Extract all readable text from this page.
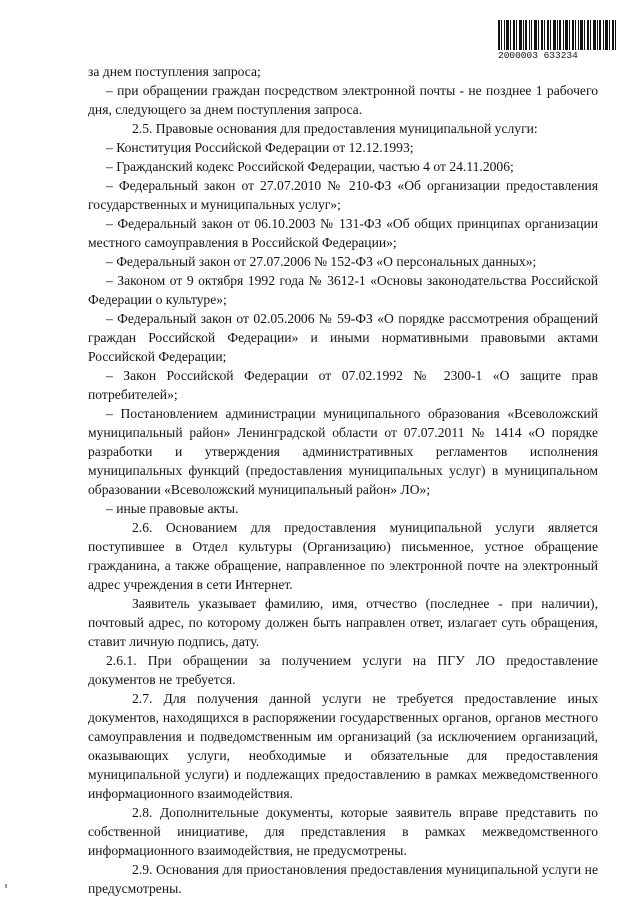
2000003 633234

за днем поступления запроса;

– при обращении граждан посредством электронной почты - не позднее 1 рабочего дня, следующего за днем поступления запроса.

2.5. Правовые основания для предоставления муниципальной услуги:

– Конституция Российской Федерации от 12.12.1993;

– Гражданский кодекс Российской Федерации, частью 4 от 24.11.2006;

– Федеральный закон от 27.07.2010 № 210-ФЗ «Об организации предоставления государственных и муниципальных услуг»;

– Федеральный закон от 06.10.2003 № 131-ФЗ «Об общих принципах организации местного самоуправления в Российской Федерации»;

– Федеральный закон от 27.07.2006 № 152-ФЗ «О персональных данных»;

– Законом от 9 октября 1992 года № 3612-1 «Основы законодательства Российской Федерации о культуре»;

– Федеральный закон от 02.05.2006 № 59-ФЗ «О порядке рассмотрения обращений граждан Российской Федерации» и иными нормативными правовыми актами Российской Федерации;

– Закон Российской Федерации от 07.02.1992 № 2300-1 «О защите прав потребителей»;

– Постановлением администрации муниципального образования «Всеволожский муниципальный район» Ленинградской области от 07.07.2011 № 1414 «О порядке разработки и утверждения административных регламентов исполнения муниципальных функций (предоставления муниципальных услуг) в муниципальном образовании «Всеволожский муниципальный район» ЛО»;

– иные правовые акты.

2.6. Основанием для предоставления муниципальной услуги является поступившее в Отдел культуры (Организацию) письменное, устное обращение гражданина, а также обращение, направленное по электронной почте на электронный адрес учреждения в сети Интернет.

Заявитель указывает фамилию, имя, отчество (последнее - при наличии), почтовый адрес, по которому должен быть направлен ответ, излагает суть обращения, ставит личную подпись, дату.

2.6.1. При обращении за получением услуги на ПГУ ЛО предоставление документов не требуется.

2.7. Для получения данной услуги не требуется предоставление иных документов, находящихся в распоряжении государственных органов, органов местного самоуправления и подведомственным им организаций (за исключением организаций, оказывающих услуги, необходимые и обязательные для предоставления муниципальной услуги) и подлежащих предоставлению в рамках межведомственного информационного взаимодействия.

2.8. Дополнительные документы, которые заявитель вправе представить по собственной инициативе, для представления в рамках межведомственного информационного взаимодействия, не предусмотрены.

2.9. Основания для приостановления предоставления муниципальной услуги не предусмотрены.
